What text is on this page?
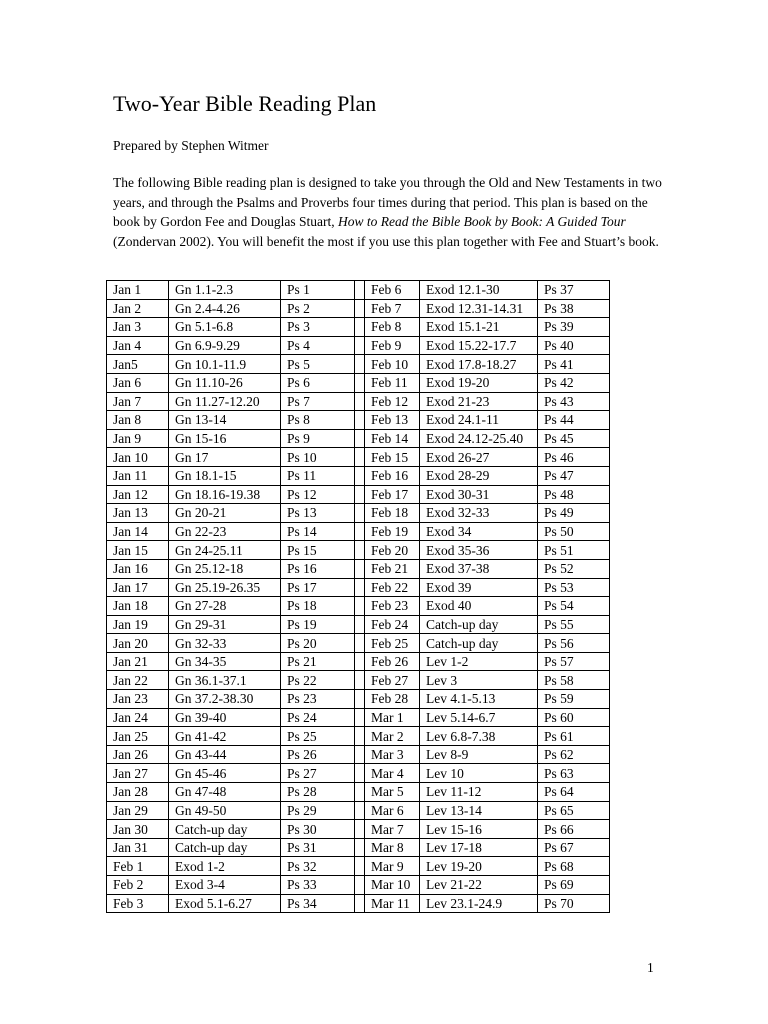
Two-Year Bible Reading Plan
Prepared by Stephen Witmer

The following Bible reading plan is designed to take you through the Old and New Testaments in two years, and through the Psalms and Proverbs four times during that period. This plan is based on the book by Gordon Fee and Douglas Stuart, How to Read the Bible Book by Book: A Guided Tour (Zondervan 2002). You will benefit the most if you use this plan together with Fee and Stuart’s book.

Jan 1	Gn 1.1-2.3	Ps 1		Feb 6	Exod 12.1-30	Ps 37
Jan 2	Gn 2.4-4.26	Ps 2		Feb 7	Exod 12.31-14.31	Ps 38
Jan 3	Gn 5.1-6.8	Ps 3		Feb 8	Exod 15.1-21	Ps 39
Jan 4	Gn 6.9-9.29	Ps 4		Feb 9	Exod 15.22-17.7	Ps 40
Jan5	Gn 10.1-11.9	Ps 5		Feb 10	Exod 17.8-18.27	Ps 41
Jan 6	Gn 11.10-26	Ps 6		Feb 11	Exod 19-20	Ps 42
Jan 7	Gn 11.27-12.20	Ps 7		Feb 12	Exod 21-23	Ps 43
Jan 8	Gn 13-14	Ps 8		Feb 13	Exod 24.1-11	Ps 44
Jan 9	Gn 15-16	Ps 9		Feb 14	Exod 24.12-25.40	Ps 45
Jan 10	Gn 17	Ps 10		Feb 15	Exod 26-27	Ps 46
Jan 11	Gn 18.1-15	Ps 11		Feb 16	Exod 28-29	Ps 47
Jan 12	Gn 18.16-19.38	Ps 12		Feb 17	Exod 30-31	Ps 48
Jan 13	Gn 20-21	Ps 13		Feb 18	Exod 32-33	Ps 49
Jan 14	Gn 22-23	Ps 14		Feb 19	Exod 34	Ps 50
Jan 15	Gn 24-25.11	Ps 15		Feb 20	Exod 35-36	Ps 51
Jan 16	Gn 25.12-18	Ps 16		Feb 21	Exod 37-38	Ps 52
Jan 17	Gn 25.19-26.35	Ps 17		Feb 22	Exod 39	Ps 53
Jan 18	Gn 27-28	Ps 18		Feb 23	Exod 40	Ps 54
Jan 19	Gn 29-31	Ps 19		Feb 24	Catch-up day	Ps 55
Jan 20	Gn 32-33	Ps 20		Feb 25	Catch-up day	Ps 56
Jan 21	Gn 34-35	Ps 21		Feb 26	Lev 1-2	Ps 57
Jan 22	Gn 36.1-37.1	Ps 22		Feb 27	Lev 3	Ps 58
Jan 23	Gn 37.2-38.30	Ps 23		Feb 28	Lev 4.1-5.13	Ps 59
Jan 24	Gn 39-40	Ps 24		Mar 1	Lev 5.14-6.7	Ps 60
Jan 25	Gn 41-42	Ps 25		Mar 2	Lev 6.8-7.38	Ps 61
Jan 26	Gn 43-44	Ps 26		Mar 3	Lev 8-9	Ps 62
Jan 27	Gn 45-46	Ps 27		Mar 4	Lev 10	Ps 63
Jan 28	Gn 47-48	Ps 28		Mar 5	Lev 11-12	Ps 64
Jan 29	Gn 49-50	Ps 29		Mar 6	Lev 13-14	Ps 65
Jan 30	Catch-up day	Ps 30		Mar 7	Lev 15-16	Ps 66
Jan 31	Catch-up day	Ps 31		Mar 8	Lev 17-18	Ps 67
Feb 1	Exod 1-2	Ps 32		Mar 9	Lev 19-20	Ps 68
Feb 2	Exod 3-4	Ps 33		Mar 10	Lev 21-22	Ps 69
Feb 3	Exod 5.1-6.27	Ps 34		Mar 11	Lev 23.1-24.9	Ps 70
1
